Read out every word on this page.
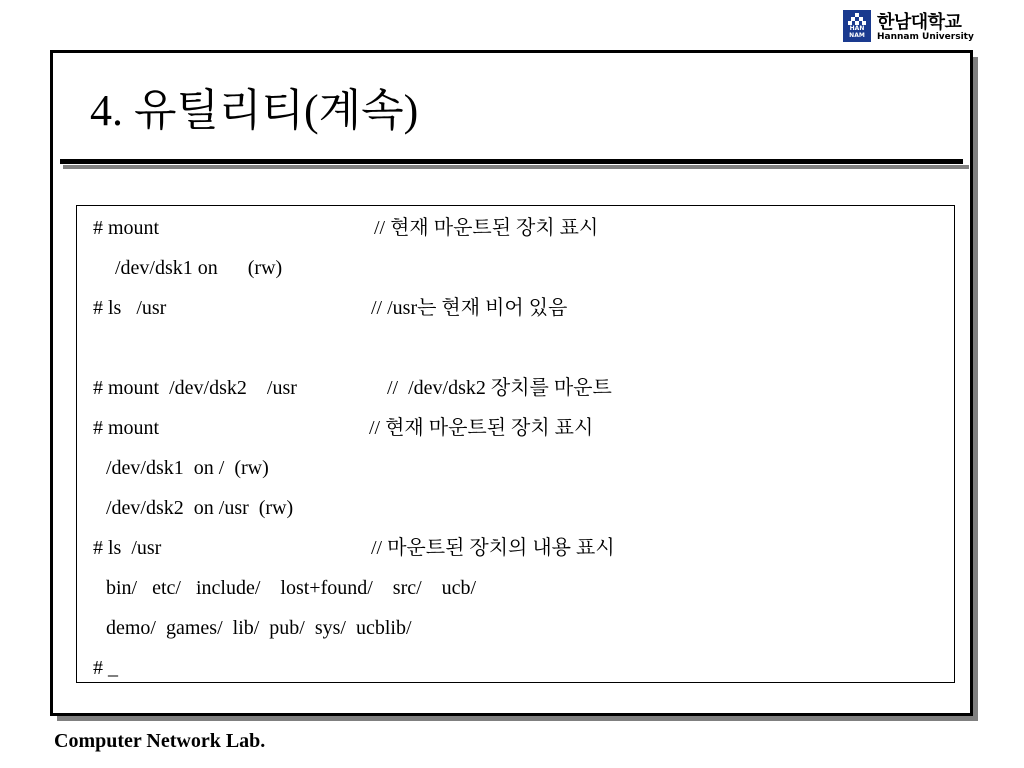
HAN NAM
한남대학교
Hannam University
4. 유틸리티(계속)
# mount	// 현재 마운트된 장치 표시
/dev/dsk1 on      (rw)
# ls   /usr	// /usr는 현재 비어 있음
# mount  /dev/dsk2    /usr	//  /dev/dsk2 장치를 마운트
# mount	// 현재 마운트된 장치 표시
/dev/dsk1  on /  (rw)
/dev/dsk2  on /usr  (rw)
# ls  /usr	// 마운트된 장치의 내용 표시
bin/   etc/   include/    lost+found/    src/    ucb/
demo/  games/  lib/  pub/  sys/  ucblib/
# _
Computer Network Lab.
